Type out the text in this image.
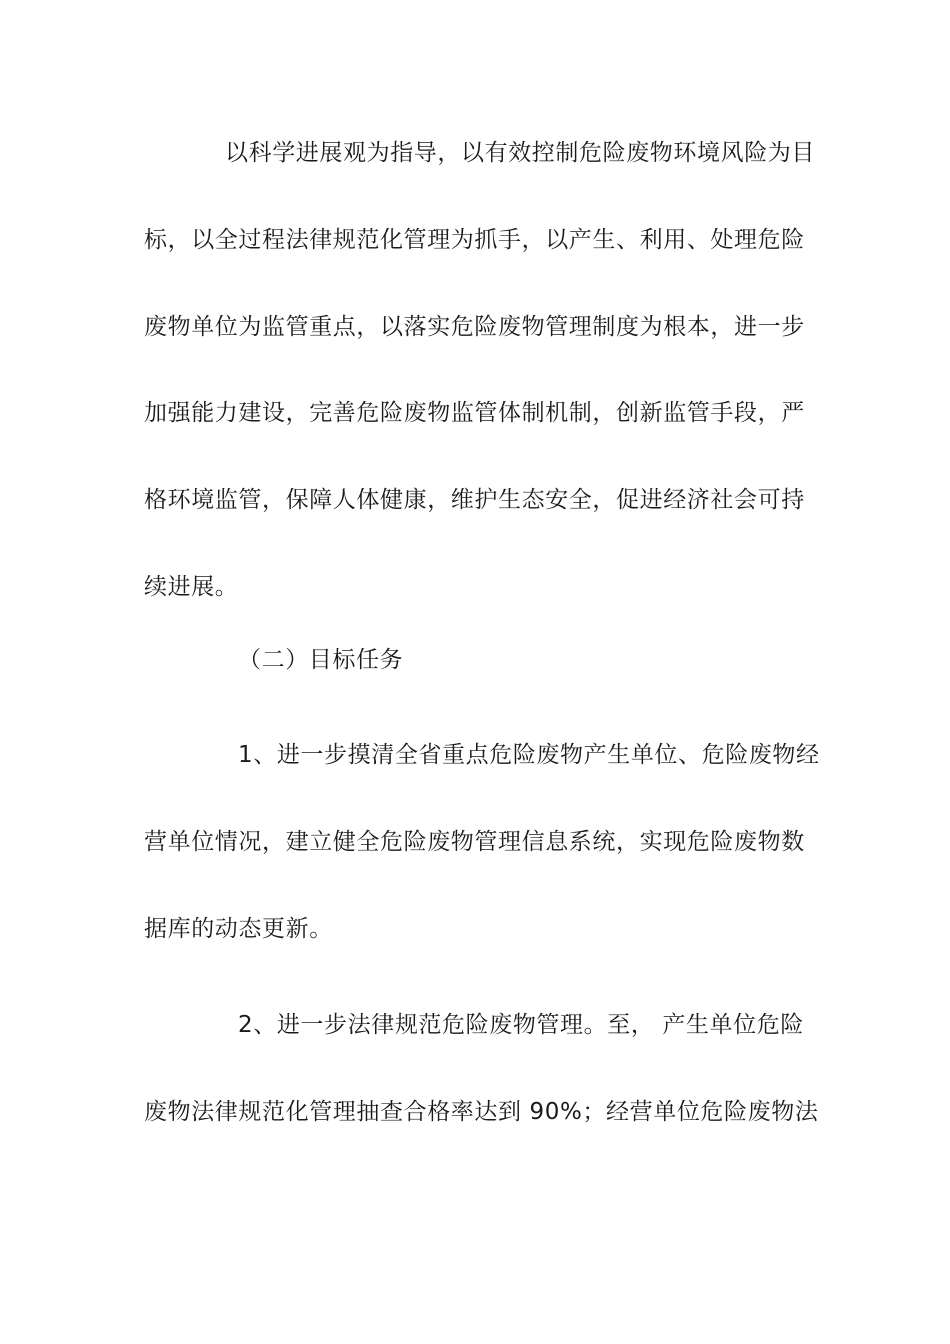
以科学进展观为指导，以有效控制危险废物环境风险为目
标，以全过程法律规范化管理为抓手，以产生、利用、处理危险
废物单位为监管重点，以落实危险废物管理制度为根本，进一步
加强能力建设，完善危险废物监管体制机制，创新监管手段，严
格环境监管，保障人体健康，维护生态安全，促进经济社会可持
续进展。
（二）目标任务
1、进一步摸清全省重点危险废物产生单位、危险废物经
营单位情况，建立健全危险废物管理信息系统，实现危险废物数
据库的动态更新。
2、进一步法律规范危险废物管理。至， 产生单位危险
废物法律规范化管理抽查合格率达到 90%；经营单位危险废物法
